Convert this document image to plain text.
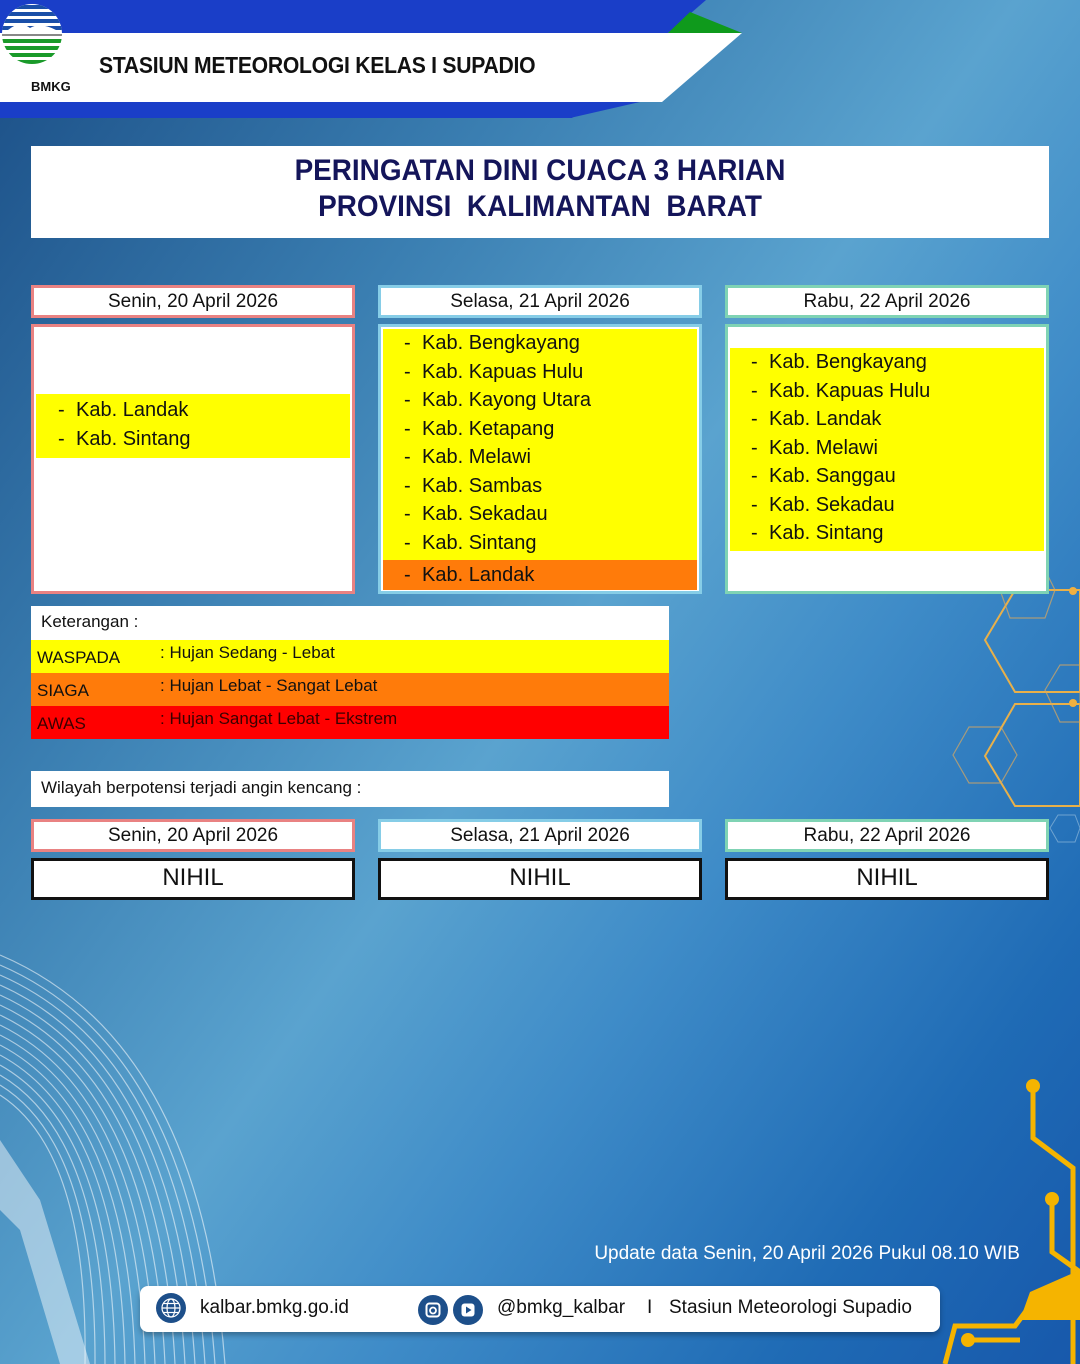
BMKG
STASIUN METEOROLOGI KELAS I SUPADIO
PERINGATAN DINI CUACA 3 HARIAN
PROVINSI  KALIMANTAN  BARAT
Senin, 20 April 2026
- Kab. Landak
- Kab. Sintang
Selasa, 21 April 2026
- Kab. Bengkayang
- Kab. Kapuas Hulu
- Kab. Kayong Utara
- Kab. Ketapang
- Kab. Melawi
- Kab. Sambas
- Kab. Sekadau
- Kab. Sintang
- Kab. Landak
Rabu, 22 April 2026
- Kab. Bengkayang
- Kab. Kapuas Hulu
- Kab. Landak
- Kab. Melawi
- Kab. Sanggau
- Kab. Sekadau
- Kab. Sintang
Keterangan :
WASPADA : Hujan Sedang - Lebat
SIAGA	: Hujan Lebat - Sangat Lebat
AWAS	: Hujan Sangat Lebat - Ekstrem
Wilayah berpotensi terjadi angin kencang :
Senin, 20 April 2026	Selasa, 21 April 2026	Rabu, 22 April 2026
NIHIL	NIHIL	NIHIL
Update data Senin, 20 April 2026 Pukul 08.10 WIB
kalbar.bmkg.go.id	@bmkg_kalbar I Stasiun Meteorologi Supadio
